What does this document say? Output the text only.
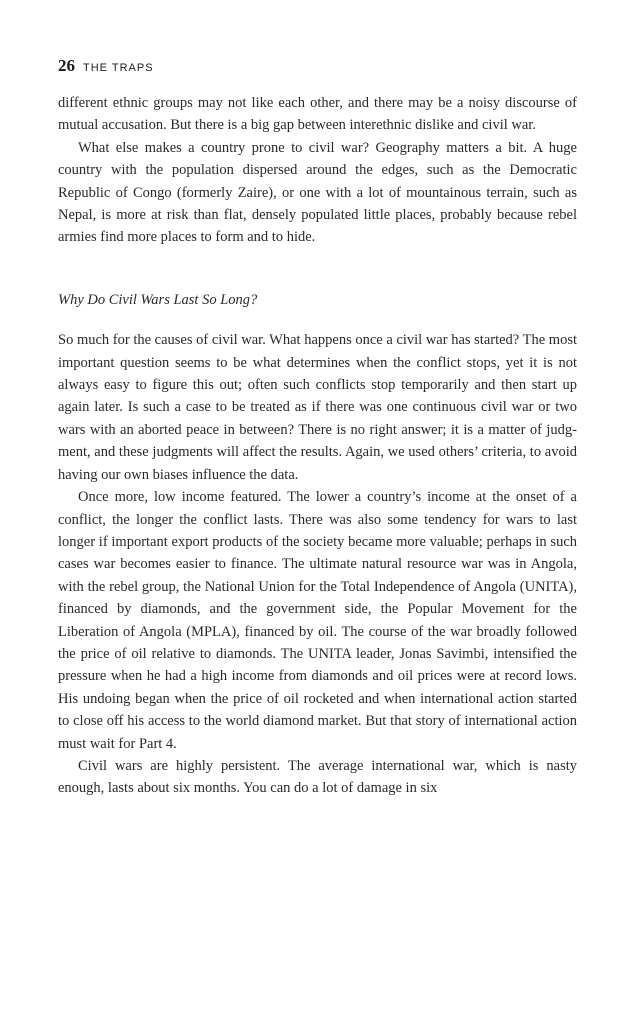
26 THE TRAPS

different ethnic groups may not like each other, and there may be a noisy discourse of mutual accusation. But there is a big gap between interethnic dislike and civil war.

What else makes a country prone to civil war? Geography matters a bit. A huge country with the population dispersed around the edges, such as the Democratic Republic of Congo (formerly Zaire), or one with a lot of mountainous terrain, such as Nepal, is more at risk than flat, densely populated little places, probably because rebel armies find more places to form and to hide.

Why Do Civil Wars Last So Long?

So much for the causes of civil war. What happens once a civil war has started? The most important question seems to be what determines when the conflict stops, yet it is not always easy to figure this out; often such conflicts stop temporarily and then start up again later. Is such a case to be treated as if there was one continuous civil war or two wars with an aborted peace in between? There is no right answer; it is a matter of judgment, and these judgments will affect the results. Again, we used others’ criteria, to avoid having our own biases influence the data.

Once more, low income featured. The lower a country’s income at the onset of a conflict, the longer the conflict lasts. There was also some tendency for wars to last longer if important export products of the society became more valuable; perhaps in such cases war becomes easier to finance. The ultimate natural resource war was in Angola, with the rebel group, the National Union for the Total Independence of Angola (UNITA), financed by diamonds, and the government side, the Popular Movement for the Liberation of Angola (MPLA), financed by oil. The course of the war broadly followed the price of oil relative to diamonds. The UNITA leader, Jonas Savimbi, intensified the pressure when he had a high income from diamonds and oil prices were at record lows. His undoing began when the price of oil rocketed and when international action started to close off his access to the world diamond market. But that story of international action must wait for Part 4.

Civil wars are highly persistent. The average international war, which is nasty enough, lasts about six months. You can do a lot of damage in six
